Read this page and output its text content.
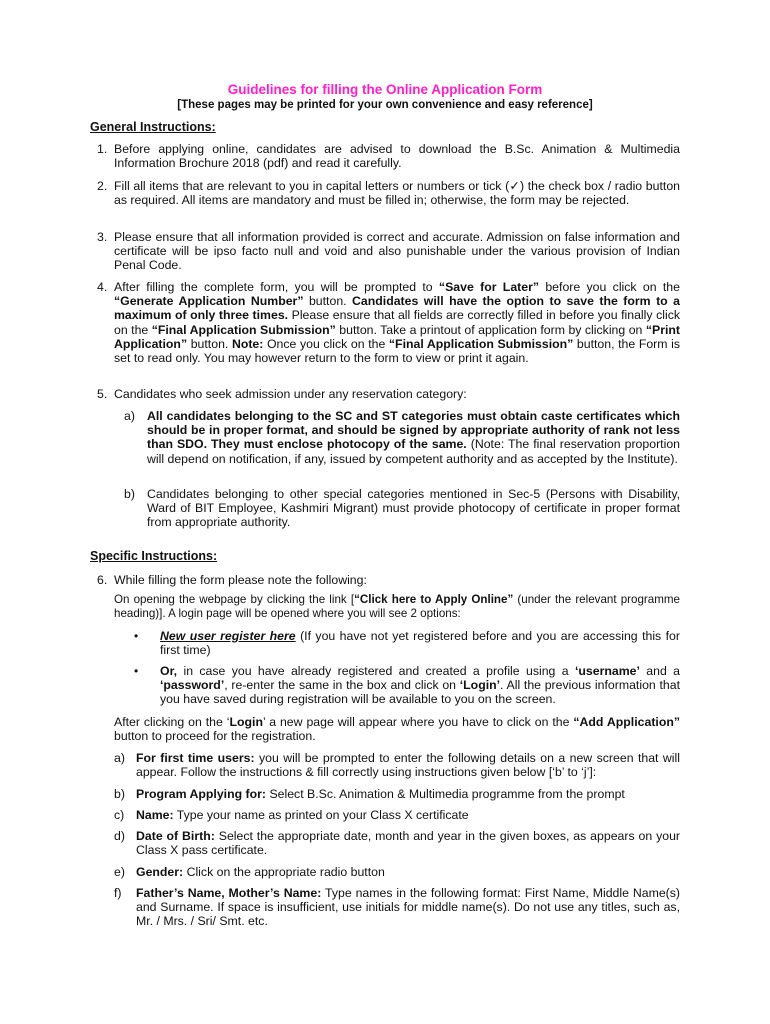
Guidelines for filling the Online Application Form
[These pages may be printed for your own convenience and easy reference]
General Instructions:
1. Before applying online, candidates are advised to download the B.Sc. Animation & Multimedia Information Brochure 2018 (pdf) and read it carefully.
2. Fill all items that are relevant to you in capital letters or numbers or tick (✓) the check box / radio button as required. All items are mandatory and must be filled in; otherwise, the form may be rejected.
3. Please ensure that all information provided is correct and accurate. Admission on false information and certificate will be ipso facto null and void and also punishable under the various provision of Indian Penal Code.
4. After filling the complete form, you will be prompted to “Save for Later” before you click on the “Generate Application Number” button. Candidates will have the option to save the form to a maximum of only three times. Please ensure that all fields are correctly filled in before you finally click on the “Final Application Submission” button. Take a printout of application form by clicking on “Print Application” button. Note: Once you click on the “Final Application Submission” button, the Form is set to read only. You may however return to the form to view or print it again.
5. Candidates who seek admission under any reservation category:
a) All candidates belonging to the SC and ST categories must obtain caste certificates which should be in proper format, and should be signed by appropriate authority of rank not less than SDO. They must enclose photocopy of the same. (Note: The final reservation proportion will depend on notification, if any, issued by competent authority and as accepted by the Institute).
b) Candidates belonging to other special categories mentioned in Sec-5 (Persons with Disability, Ward of BIT Employee, Kashmiri Migrant) must provide photocopy of certificate in proper format from appropriate authority.
Specific Instructions:
6. While filling the form please note the following:
On opening the webpage by clicking the link [“Click here to Apply Online” (under the relevant programme heading)]. A login page will be opened where you will see 2 options:
• New user register here (If you have not yet registered before and you are accessing this for first time)
• Or, in case you have already registered and created a profile using a ‘username’ and a ‘password’, re-enter the same in the box and click on ‘Login’. All the previous information that you have saved during registration will be available to you on the screen.
After clicking on the ‘Login’ a new page will appear where you have to click on the “Add Application” button to proceed for the registration.
a) For first time users: you will be prompted to enter the following details on a new screen that will appear. Follow the instructions & fill correctly using instructions given below [‘b’ to ‘j’]:
b) Program Applying for: Select B.Sc. Animation & Multimedia programme from the prompt
c) Name: Type your name as printed on your Class X certificate
d) Date of Birth: Select the appropriate date, month and year in the given boxes, as appears on your Class X pass certificate.
e) Gender: Click on the appropriate radio button
f) Father’s Name, Mother’s Name: Type names in the following format: First Name, Middle Name(s) and Surname. If space is insufficient, use initials for middle name(s). Do not use any titles, such as, Mr. / Mrs. / Sri/ Smt. etc.
